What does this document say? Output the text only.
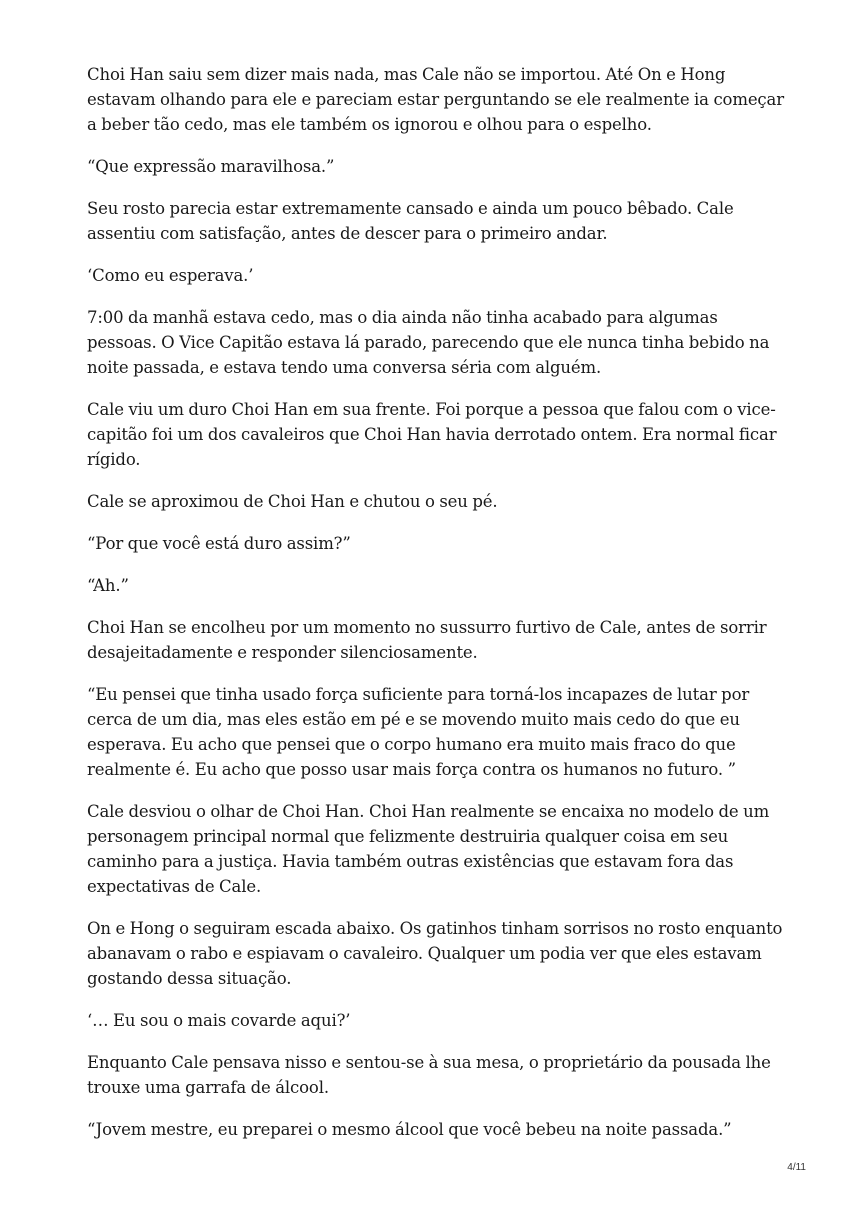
Choi Han saiu sem dizer mais nada, mas Cale não se importou. Até On e Hong estavam olhando para ele e pareciam estar perguntando se ele realmente ia começar a beber tão cedo, mas ele também os ignorou e olhou para o espelho.

“Que expressão maravilhosa.”

Seu rosto parecia estar extremamente cansado e ainda um pouco bêbado. Cale assentiu com satisfação, antes de descer para o primeiro andar.

‘Como eu esperava.’

7:00 da manhã estava cedo, mas o dia ainda não tinha acabado para algumas pessoas. O Vice Capitão estava lá parado, parecendo que ele nunca tinha bebido na noite passada, e estava tendo uma conversa séria com alguém.

Cale viu um duro Choi Han em sua frente. Foi porque a pessoa que falou com o vice-capitão foi um dos cavaleiros que Choi Han havia derrotado ontem. Era normal ficar rígido.

Cale se aproximou de Choi Han e chutou o seu pé.

“Por que você está duro assim?”

“Ah.”

Choi Han se encolheu por um momento no sussurro furtivo de Cale, antes de sorrir desajeitadamente e responder silenciosamente.

“Eu pensei que tinha usado força suficiente para torná-los incapazes de lutar por cerca de um dia, mas eles estão em pé e se movendo muito mais cedo do que eu esperava. Eu acho que pensei que o corpo humano era muito mais fraco do que realmente é. Eu acho que posso usar mais força contra os humanos no futuro. ”

Cale desviou o olhar de Choi Han. Choi Han realmente se encaixa no modelo de um personagem principal normal que felizmente destruiria qualquer coisa em seu caminho para a justiça. Havia também outras existências que estavam fora das expectativas de Cale.

On e Hong o seguiram escada abaixo. Os gatinhos tinham sorrisos no rosto enquanto abanavam o rabo e espiavam o cavaleiro. Qualquer um podia ver que eles estavam gostando dessa situação.

‘… Eu sou o mais covarde aqui?’

Enquanto Cale pensava nisso e sentou-se à sua mesa, o proprietário da pousada lhe trouxe uma garrafa de álcool.

“Jovem mestre, eu preparei o mesmo álcool que você bebeu na noite passada.”

4/11
